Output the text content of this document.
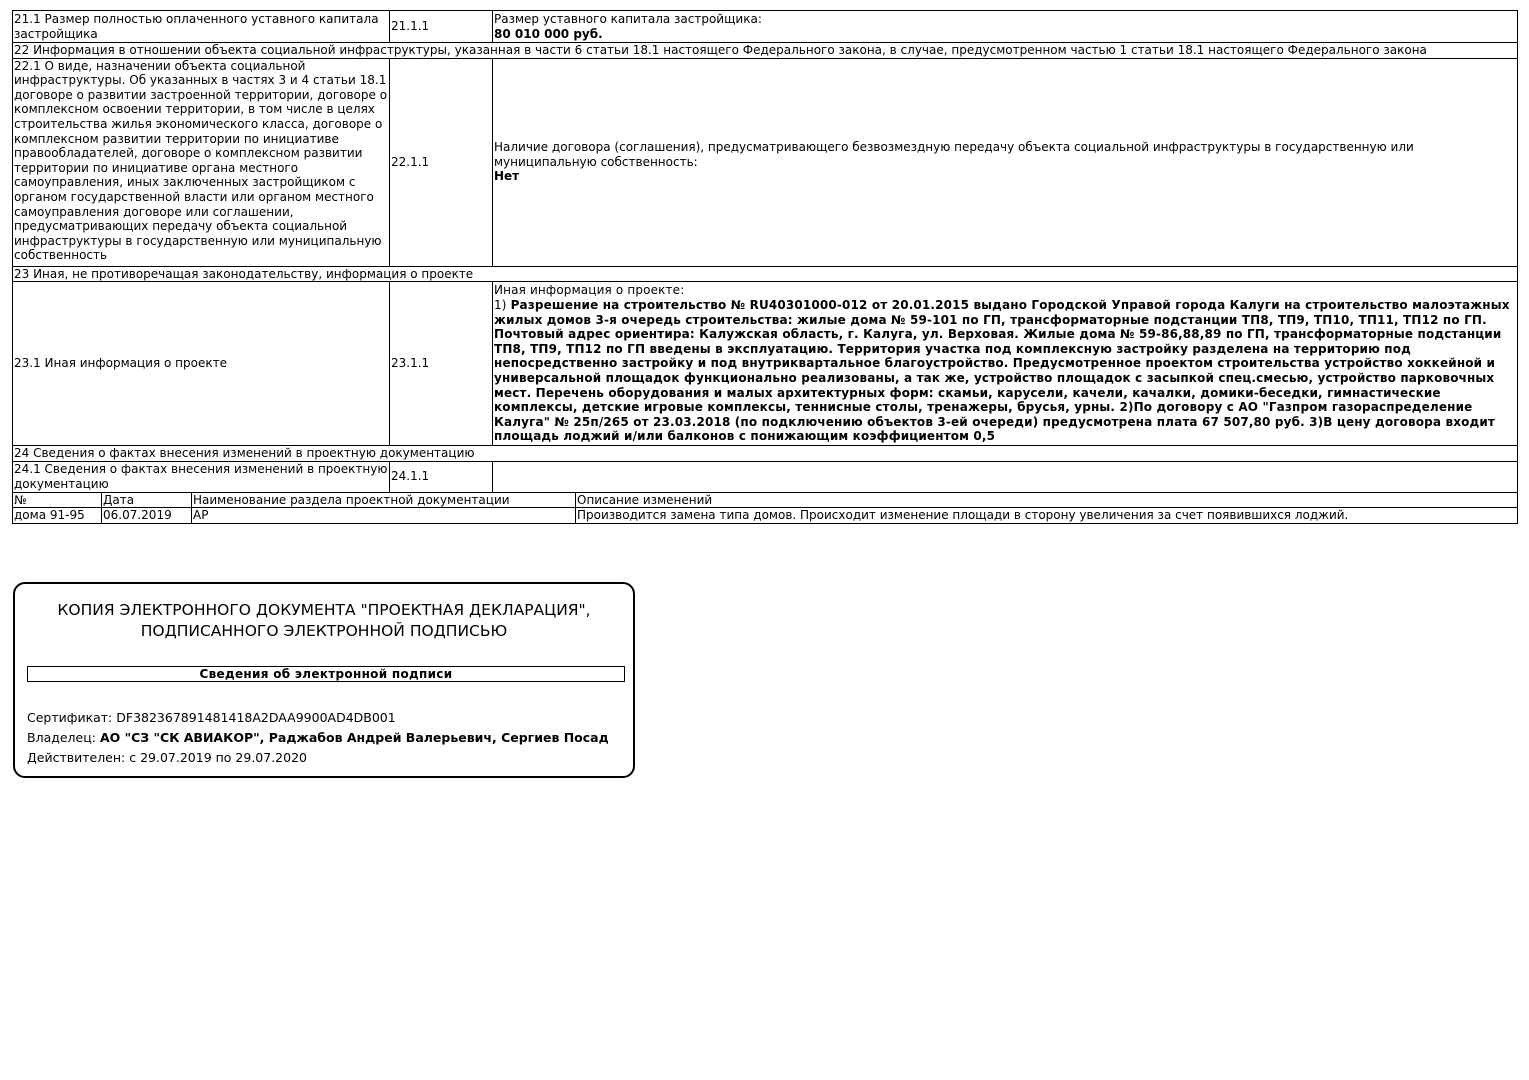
21.1 Размер полностью оплаченного уставного капитала застройщика	21.1.1	Размер уставного капитала застройщика:
80 010 000 руб.

22 Информация в отношении объекта социальной инфраструктуры, указанная в части 6 статьи 18.1 настоящего Федерального закона, в случае, предусмотренном частью 1 статьи 18.1 настоящего Федерального закона		
22.1 О виде, назначении объекта социальной инфраструктуры. Об указанных в частях 3 и 4 статьи 18.1 договоре о развитии застроенной территории, договоре о комплексном освоении территории, в том числе в целях строительства жилья экономического класса, договоре о комплексном развитии территории по инициативе правообладателей, договоре о комплексном развитии территории по инициативе органа местного самоуправления, иных заключенных застройщиком с органом государственной власти или органом местного самоуправления договоре или соглашении, предусматривающих передачу объекта социальной инфраструктуры в государственную или муниципальную собственность	22.1.1	Наличие договора (соглашения), предусматривающего безвозмездную передачу объекта социальной инфраструктуры в государственную или муниципальную собственность:
Нет

23 Иная, не противоречащая законодательству, информация о проекте		
23.1 Иная информация о проекте	23.1.1	Иная информация о проекте:
1) Разрешение на строительство № RU40301000-012 от 20.01.2015 выдано Городской Управой города Калуги на строительство малоэтажных жилых домов 3-я очередь строительства: жилые дома № 59-101 по ГП, трансформаторные подстанции ТП8, ТП9, ТП10, ТП11, ТП12 по ГП. Почтовый адрес ориентира: Калужская область, г. Калуга, ул. Верховая. Жилые дома № 59-86,88,89 по ГП, трансформаторные подстанции ТП8, ТП9, ТП12 по ГП введены в эксплуатацию. Территория участка под комплексную застройку разделена на территорию под непосредственно застройку и под внутриквартальное благоустройство. Предусмотренное проектом строительства устройство хоккейной и универсальной площадок функционально реализованы, а так же, устройство площадок с засыпкой спец.смесью, устройство парковочных мест. Перечень оборудования и малых архитектурных форм: скамьи, карусели, качели, качалки, домики-беседки, гимнастические комплексы, детские игровые комплексы, теннисные столы, тренажеры, брусья, урны. 2)По договору с АО "Газпром газораспределение Калуга" № 25п/265 от 23.03.2018 (по подключению объектов 3-ей очереди) предусмотрена плата 67 507,80 руб. 3)В цену договора входит площадь лоджий и/или балконов с понижающим коэффициентом 0,5

24 Сведения о фактах внесения изменений в проектную документацию		
24.1 Сведения о фактах внесения изменений в проектную документацию	24.1.1	
№	Дата	Наименование раздела проектной документации	Описание изменений
дома 91-95	06.07.2019	АР	Производится замена типа домов. Происходит изменение площади в сторону увеличения за счет появившихся лоджий.
КОПИЯ ЭЛЕКТРОННОГО ДОКУМЕНТА "ПРОЕКТНАЯ ДЕКЛАРАЦИЯ",
ПОДПИСАННОГО ЭЛЕКТРОННОЙ ПОДПИСЬЮ
Сведения об электронной подписи
Сертификат: DF382367891481418A2DAA9900AD4DB001
Владелец: АО "СЗ "СК АВИАКОР", Раджабов Андрей Валерьевич, Сергиев Посад
Действителен: с 29.07.2019 по 29.07.2020
